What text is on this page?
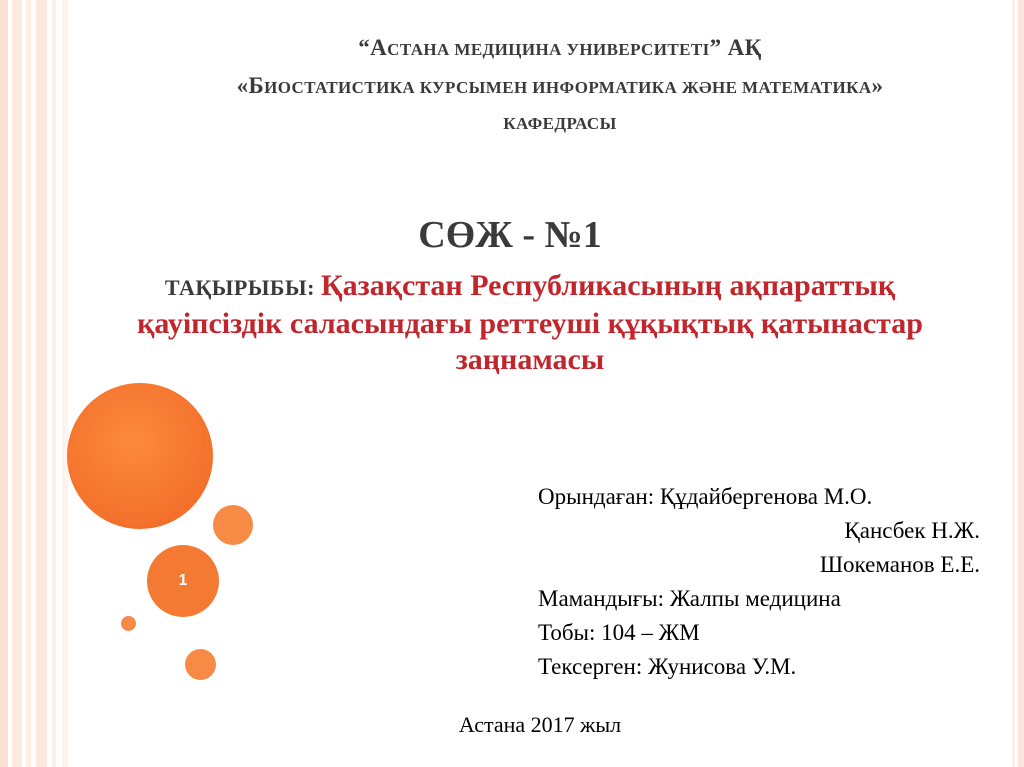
“АСТАНА МЕДИЦИНА УНИВЕРСИТЕТІ” АҚ
«БИОСТАТИСТИКА КУРСЫМЕН ИНФОРМАТИКА ЖӘНЕ МАТЕМАТИКА»
КАФЕДРАСЫ
СӨЖ - №1
ТАҚЫРЫБЫ: Қазақстан Республикасының ақпараттық қауіпсіздік саласындағы реттеуші құқықтық қатынастар заңнамасы
1
Орындаған: Құдайбергенова М.О.
Қансбек Н.Ж.
Шокеманов Е.Е.
Мамандығы: Жалпы медицина
Тобы: 104 – ЖМ
Тексерген: Жунисова У.М.
Астана 2017 жыл
